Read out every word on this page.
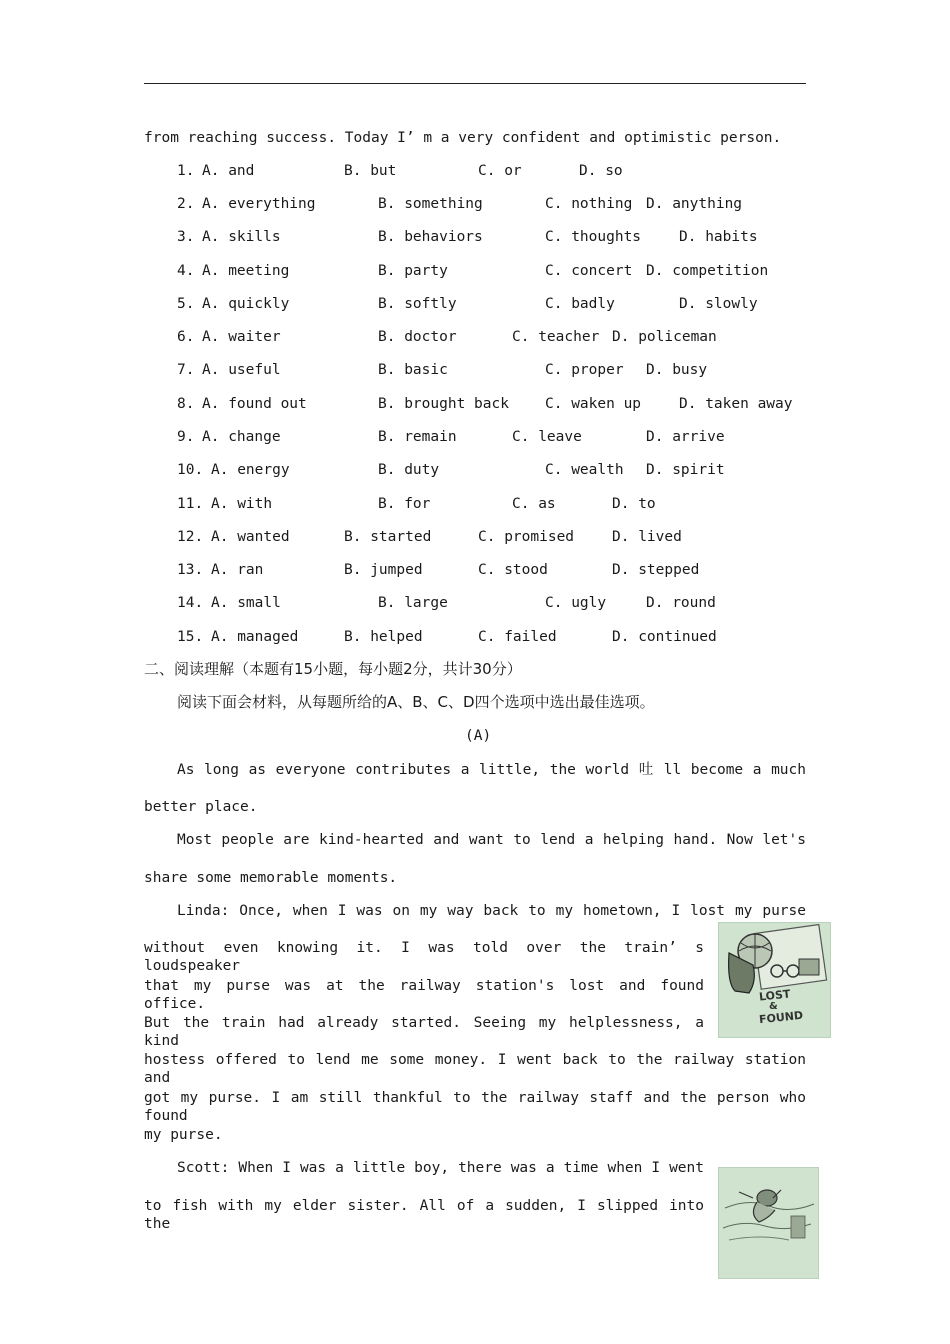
from reaching success. Today I’ m a very confident and optimistic person.
1. A. and	B. but	C. or	D. so
2. A. everything	B. something	C. nothing D. anything
3. A. skills	B. behaviors	C. thoughts	D. habits
4. A. meeting	B. party	C. concert D. competition
5. A. quickly	B. softly	C. badly	D. slowly
6. A. waiter	B. doctor	C. teacher D. policeman
7. A. useful	B. basic	C. proper D. busy
8. A. found out	B. brought back C. waken up	D. taken away
9. A. change	B. remain	C. leave	D. arrive
10. A. energy	B. duty	C. wealth D. spirit
11. A. with	B. for	C. as	D. to
12. A. wanted	B. started	C. promised	D. lived
13. A. ran	B. jumped	C. stood	D. stepped
14. A. small	B. large	C. ugly	D. round
15. A. managed	B. helped	C. failed	D. continued
二、阅读理解（本题有15小题，每小题2分，共计30分）
阅读下面会材料，从每题所给的A、B、C、D四个选项中选出最佳选项。
(A)
As long as everyone contributes a little, the world 吐 ll become a much
better place.
Most people are kind-hearted and want to lend a helping hand. Now let's
share some memorable moments.
Linda: Once, when I was on my way back to my hometown, I lost my purse
without even knowing it. I was told over the train’ s loudspeaker
that my purse was at the railway station's lost and found office.
But the train had already started. Seeing my helplessness, a kind
hostess offered to lend me some money. I went back to the railway station and
got my purse. I am still thankful to the railway staff and the person who found
my purse.
Scott: When I was a little boy, there was a time when I went
to fish with my elder sister. All of a sudden, I slipped into the
LOST
&
FOUND
